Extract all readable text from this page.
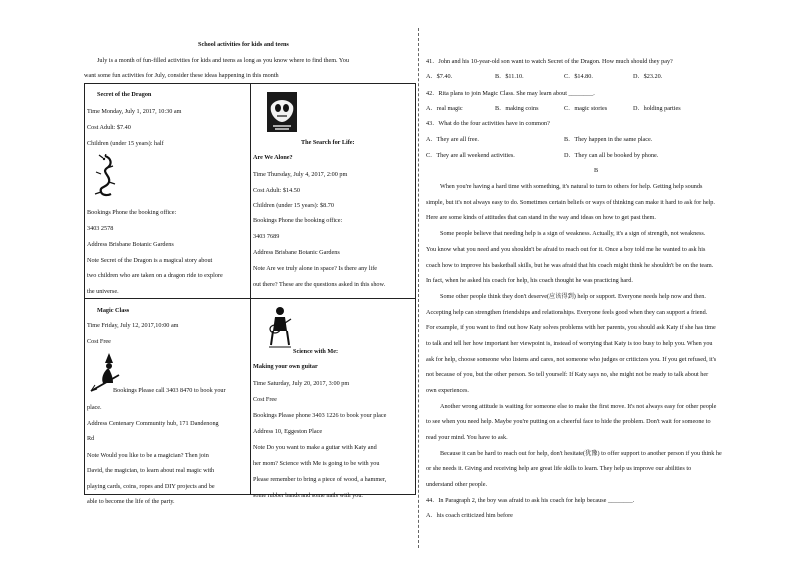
School activities for kids and teens
July is a month of fun-filled activities for kids and teens as long as you know where to find them. You
want some fun activities for July, consider these ideas happening in this month
Secret of the Dragon
Time Monday, July 1, 2017, 10:30 am
Cost Adult: $7.40
Children (under 15 years): half
Bookings Phone the booking office:
3403 2578
Address Brisbane Botanic Gardens
Note Secret of the Dragon is a magical story about
two children who are taken on a dragon ride to explore
the universe.
The Search for Life:
Are We Alone?
Time Thursday, July 4, 2017, 2:00 pm
Cost Adult: $14.50
Children (under 15 years): $8.70
Bookings Phone the booking office:
3403 7689
Address Brisbane Botanic Gardens
Note Are we truly alone in space? Is there any life
out there? These are the questions asked in this show.
Magic Class
Time Friday, July 12, 2017,10:00 am
Cost Free
Bookings Please call 3403 8470 to book your
place.
Address Centenary Community hub, 171 Dandenong
Rd
Note Would you like to be a magician? Then join
David, the magician, to learn about real magic with
playing cards, coins, ropes and DIY projects and be
able to become the life of the party.
Science with Me:
Making your own guitar
Time Saturday, July 20, 2017, 3:00 pm
Cost Free
Bookings Please phone 3403 1226 to book your place
Address 10, Eggeston Place
Note Do you want to make a guitar with Katy and
her mom? Science with Me is going to be with you
Please remember to bring a piece of wood, a hammer,
some rubber bands and some nails with you.
41．John and his 10-year-old son want to watch Secret of the Dragon. How much should they pay?
A．$7.40.	B．$11.10.	C．$14.80.	D．$23.20.
42．Rita plans to join Magic Class. She may learn about ________.
A．real magic	B．making coins	C．magic stories	D．holding parties
43．What do the four activities have in common?
A．They are all free.	B．They happen in the same place.
C．They are all weekend activities.	D．They can all be booked by phone.
B
When you're having a hard time with something, it's natural to turn to others for help. Getting help sounds
simple, but it's not always easy to do. Sometimes certain beliefs or ways of thinking can make it hard to ask for help.
Here are some kinds of attitudes that can stand in the way and ideas on how to get past them.
Some people believe that needing help is a sign of weakness. Actually, it's a sign of strength, not weakness.
You know what you need and you shouldn't be afraid to reach out for it. Once a boy told me he wanted to ask his
coach how to improve his basketball skills, but he was afraid that his coach might think he shouldn't be on the team.
In fact, when he asked his coach for help, his coach thought he was practicing hard.
Some other people think they don't deserve(应该得到) help or support. Everyone needs help now and then.
Accepting help can strengthen friendships and relationships. Everyone feels good when they can support a friend.
For example, if you want to find out how Katy solves problems with her parents, you should ask Katy if she has time
to talk and tell her how important her viewpoint is, instead of worrying that Katy is too busy to help you. When you
ask for help, choose someone who listens and cares, not someone who judges or criticizes you. If you get refused, it's
not because of you, but the other person. So tell yourself: If Katy says no, she might not be ready to talk about her
own experiences.
Another wrong attitude is waiting for someone else to make the first move. It's not always easy for other people
to see when you need help. Maybe you're putting on a cheerful face to hide the problem. Don't wait for someone to
read your mind. You have to ask.
Because it can be hard to reach out for help, don't hesitate(犹豫) to offer support to another person if you think he
or she needs it. Giving and receiving help are great life skills to learn. They help us improve our abilities to
understand other people.
44．In Paragraph 2, the boy was afraid to ask his coach for help because ________.
A．his coach criticized him before
